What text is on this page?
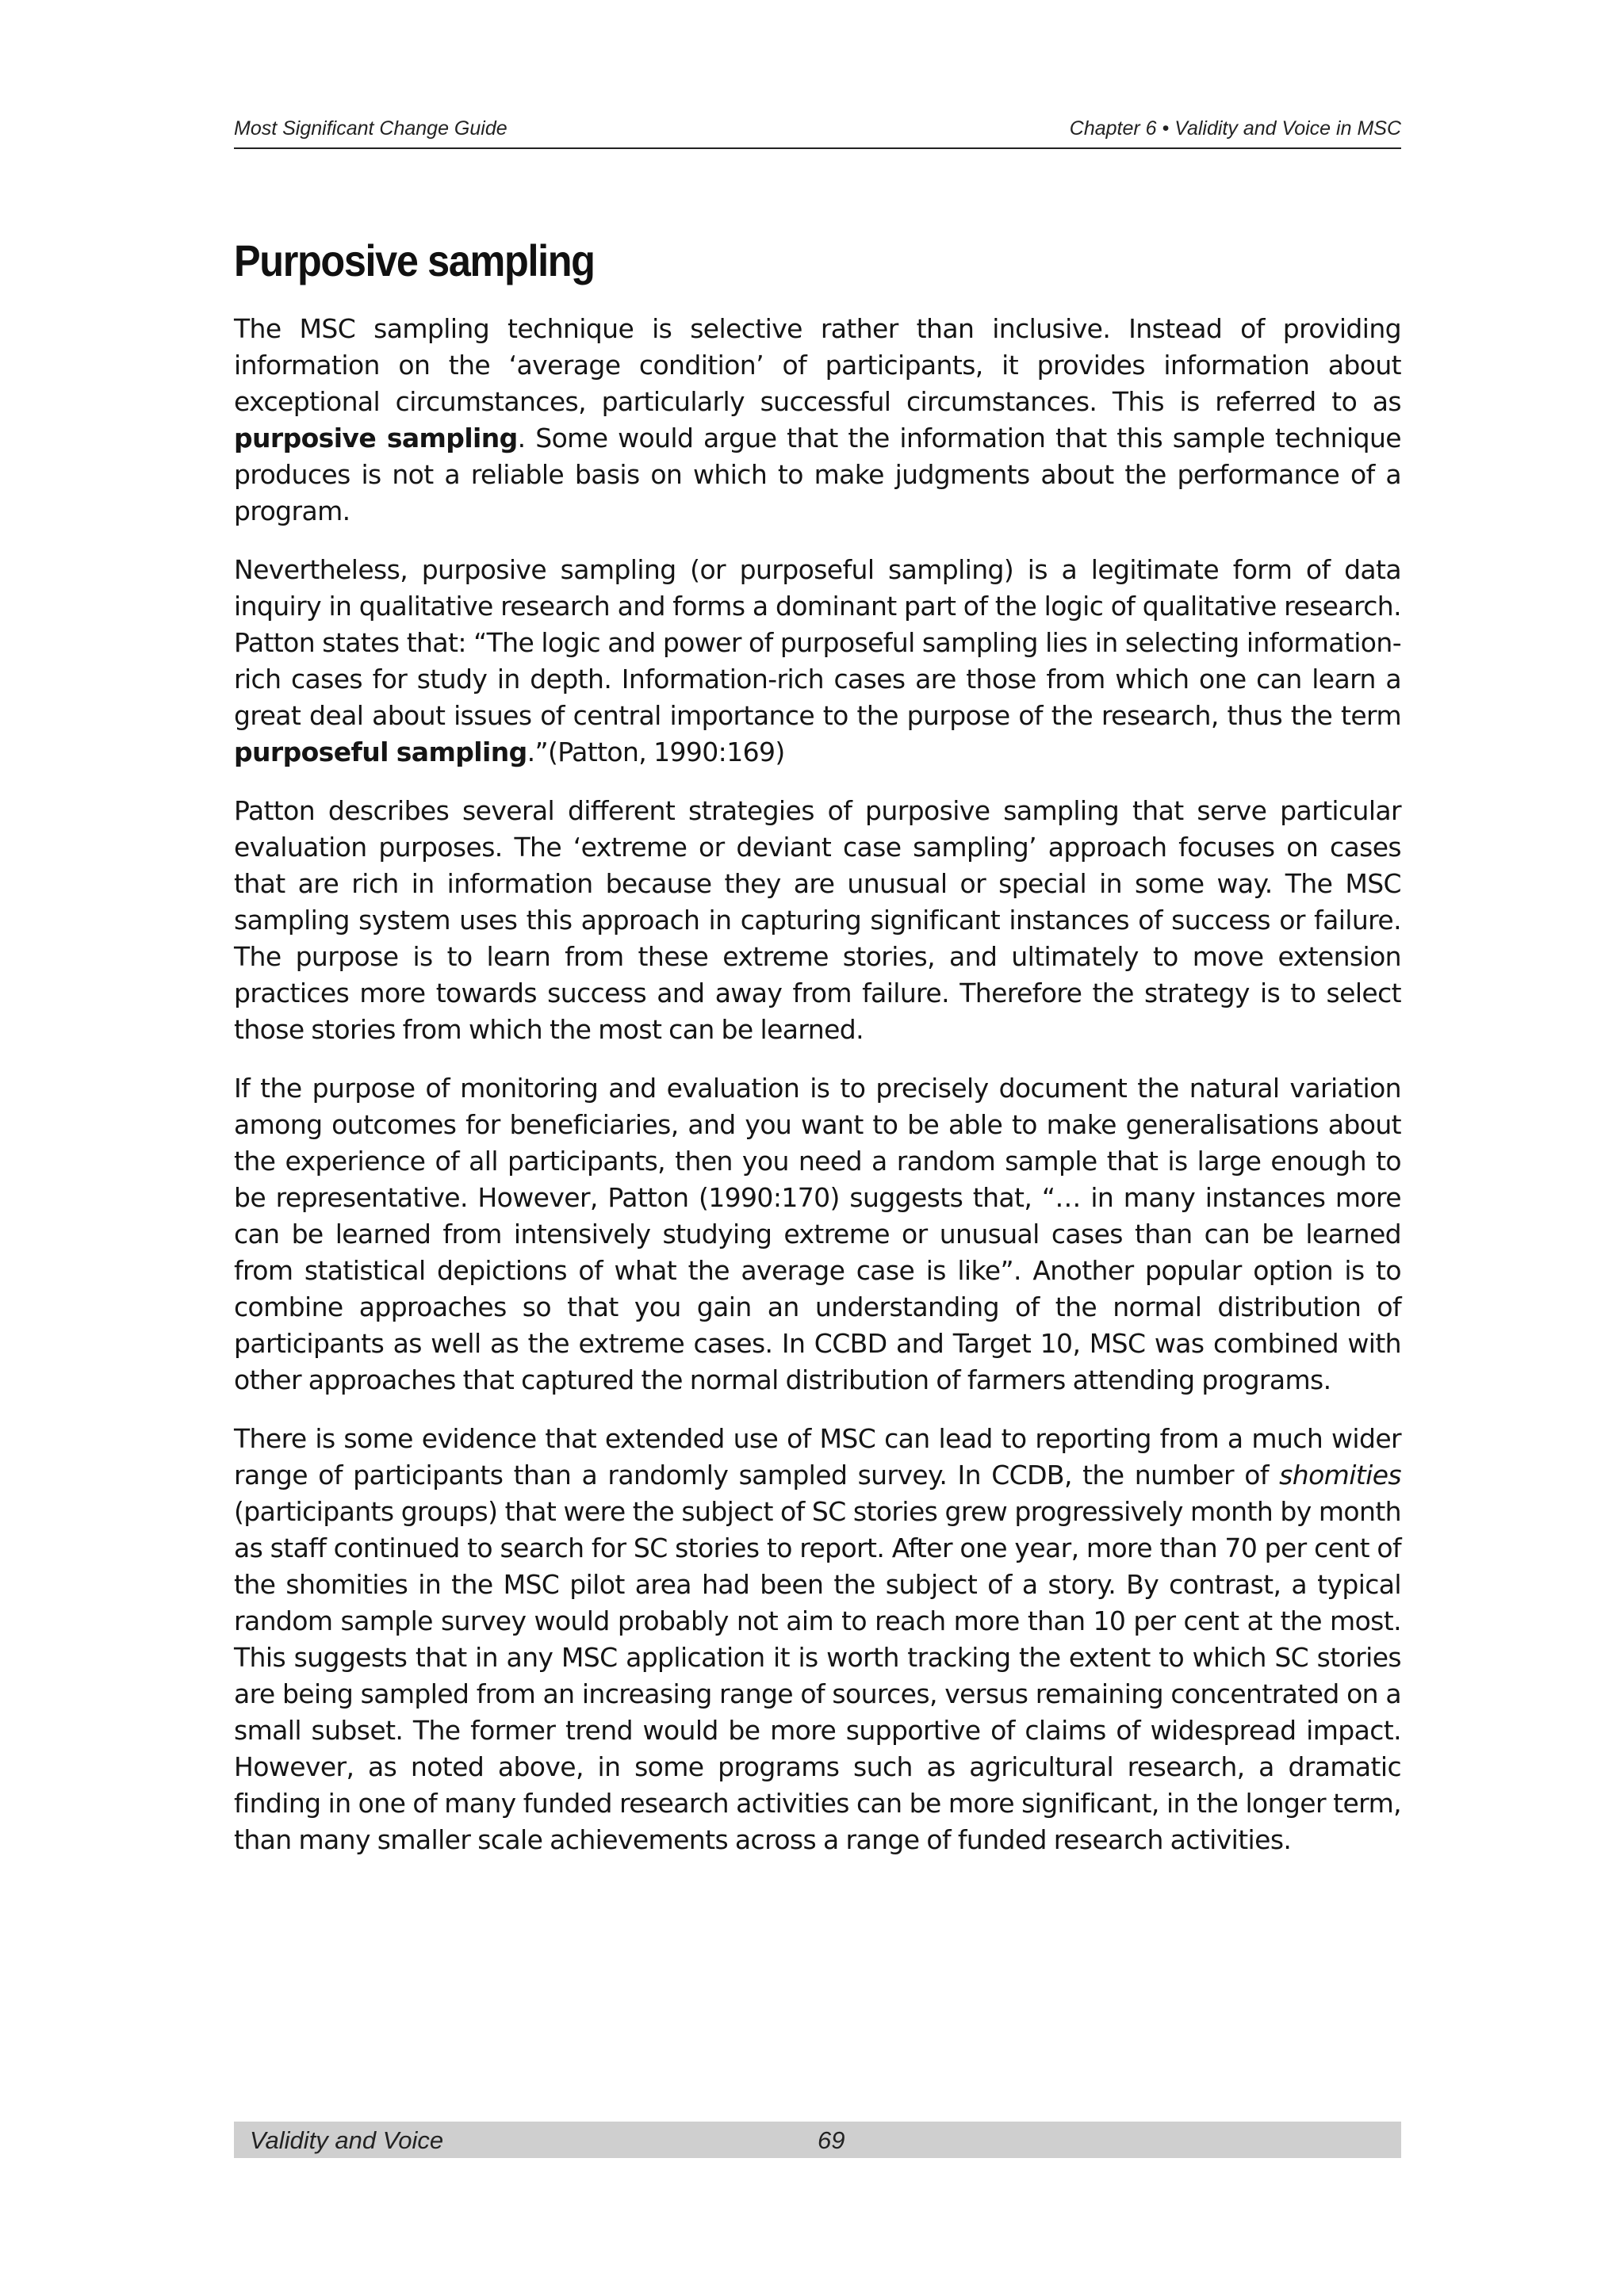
Most Significant Change Guide	Chapter 6 • Validity and Voice in MSC
Purposive sampling

The MSC sampling technique is selective rather than inclusive. Instead of providing information on the ‘average condition’ of participants, it provides information about exceptional circumstances, particularly successful circumstances. This is referred to as purposive sampling. Some would argue that the information that this sample technique produces is not a reliable basis on which to make judgments about the performance of a program.

Nevertheless, purposive sampling (or purposeful sampling) is a legitimate form of data inquiry in qualitative research and forms a dominant part of the logic of qualitative research. Patton states that: “The logic and power of purposeful sampling lies in selecting information-rich cases for study in depth. Information-rich cases are those from which one can learn a great deal about issues of central importance to the purpose of the research, thus the term purposeful sampling.”(Patton, 1990:169)

Patton describes several different strategies of purposive sampling that serve particular evaluation purposes. The ‘extreme or deviant case sampling’ approach focuses on cases that are rich in information because they are unusual or special in some way. The MSC sampling system uses this approach in capturing significant instances of success or failure. The purpose is to learn from these extreme stories, and ultimately to move extension practices more towards success and away from failure. Therefore the strategy is to select those stories from which the most can be learned.

If the purpose of monitoring and evaluation is to precisely document the natural variation among outcomes for beneficiaries, and you want to be able to make generalisations about the experience of all participants, then you need a random sample that is large enough to be representative. However, Patton (1990:170) suggests that, “… in many instances more can be learned from intensively studying extreme or unusual cases than can be learned from statistical depictions of what the average case is like”. Another popular option is to combine approaches so that you gain an understanding of the normal distribution of participants as well as the extreme cases. In CCBD and Target 10, MSC was combined with other approaches that captured the normal distribution of farmers attending programs.

There is some evidence that extended use of MSC can lead to reporting from a much wider range of participants than a randomly sampled survey. In CCDB, the number of shomities (participants groups) that were the subject of SC stories grew progressively month by month as staff continued to search for SC stories to report. After one year, more than 70 per cent of the shomities in the MSC pilot area had been the subject of a story. By contrast, a typical random sample survey would probably not aim to reach more than 10 per cent at the most. This suggests that in any MSC application it is worth tracking the extent to which SC stories are being sampled from an increasing range of sources, versus remaining concentrated on a small subset. The former trend would be more supportive of claims of widespread impact. However, as noted above, in some programs such as agricultural research, a dramatic finding in one of many funded research activities can be more significant, in the longer term, than many smaller scale achievements across a range of funded research activities.

Validity and Voice	69
